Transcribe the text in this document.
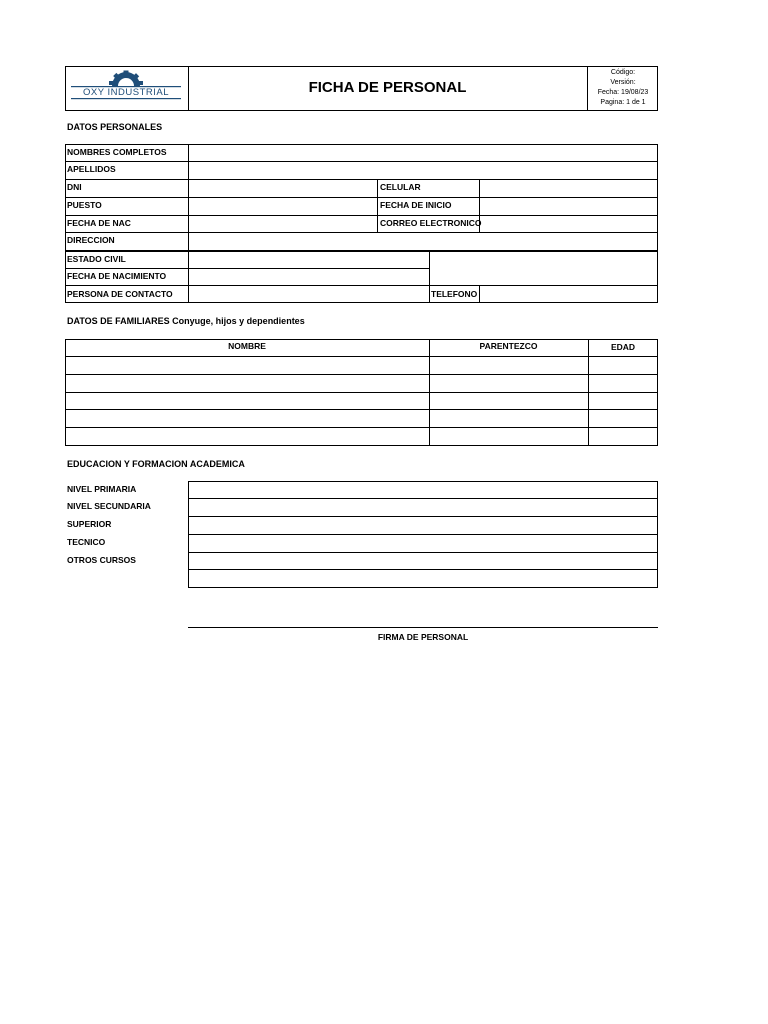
OXY INDUSTRIAL	FICHA DE PERSONAL
Código:
Versión:
Fecha: 19/08/23
Pagina: 1 de 1
DATOS PERSONALES
NOMBRES COMPLETOS
APELLIDOS
DNI	CELULAR
PUESTO	FECHA DE INICIO
FECHA DE NAC	CORREO ELECTRONICO
DIRECCION
ESTADO CIVIL
FECHA DE NACIMIENTO
PERSONA DE CONTACTO	TELEFONO
DATOS DE FAMILIARES Conyuge, hijos y dependientes
NOMBRE	PARENTEZCO	EDAD
EDUCACION Y FORMACION ACADEMICA
NIVEL PRIMARIA
NIVEL SECUNDARIA
SUPERIOR
TECNICO
OTROS CURSOS
FIRMA DE PERSONAL
